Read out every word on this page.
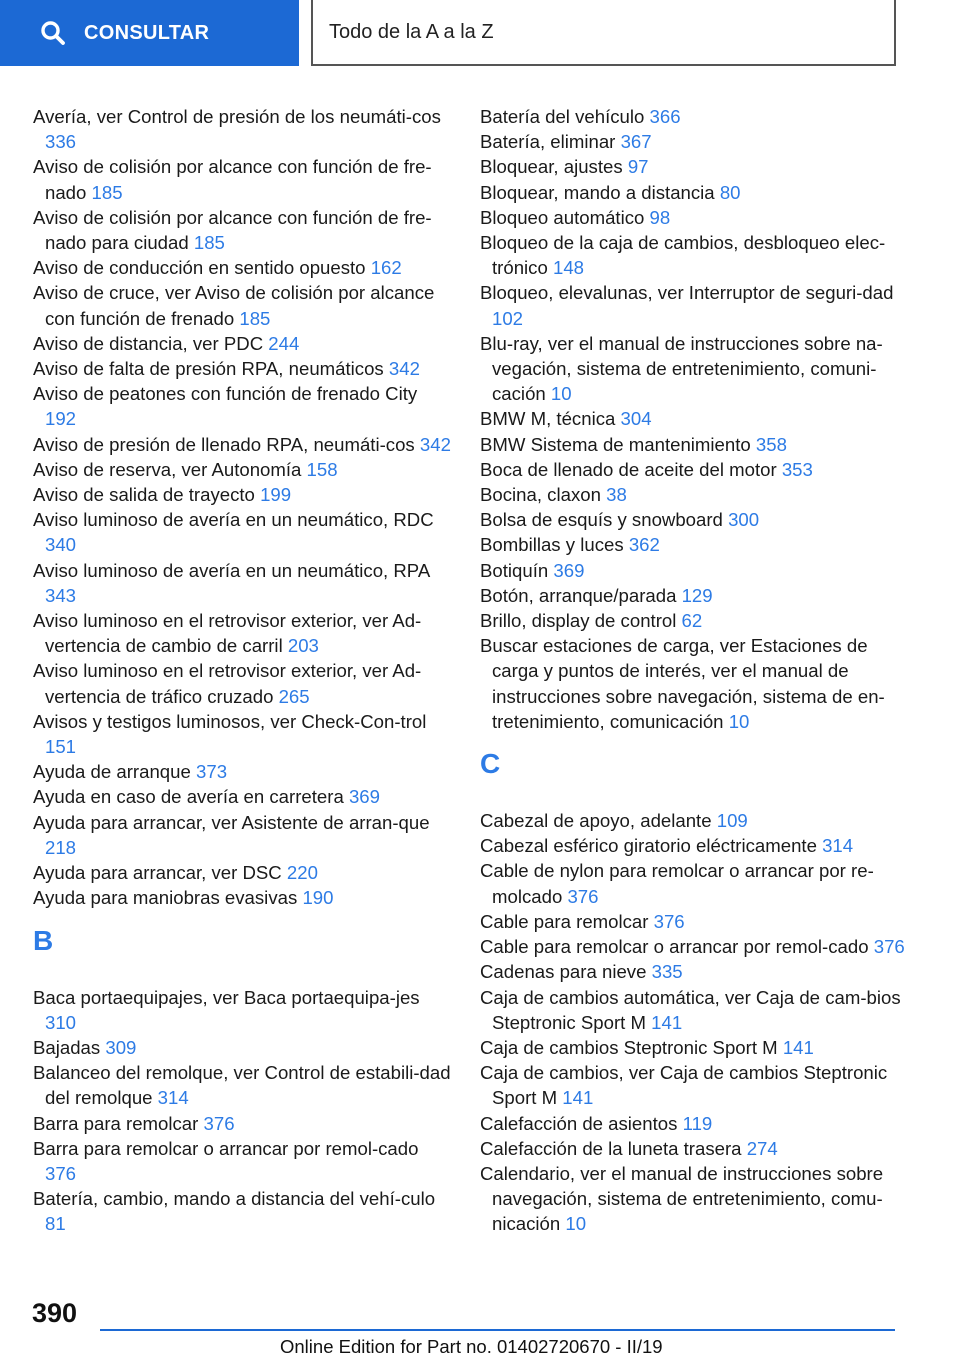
CONSULTAR	Todo de la A a la Z
Avería, ver Control de presión de los neumáti‐cos 336
Aviso de colisión por alcance con función de fre‐nado 185
Aviso de colisión por alcance con función de fre‐nado para ciudad 185
Aviso de conducción en sentido opuesto 162
Aviso de cruce, ver Aviso de colisión por alcance con función de frenado 185
Aviso de distancia, ver PDC 244
Aviso de falta de presión RPA, neumáticos 342
Aviso de peatones con función de frenado City 192
Aviso de presión de llenado RPA, neumáti‐cos 342
Aviso de reserva, ver Autonomía 158
Aviso de salida de trayecto 199
Aviso luminoso de avería en un neumático, RDC 340
Aviso luminoso de avería en un neumático, RPA 343
Aviso luminoso en el retrovisor exterior, ver Ad‐vertencia de cambio de carril 203
Aviso luminoso en el retrovisor exterior, ver Ad‐vertencia de tráfico cruzado 265
Avisos y testigos luminosos, ver Check-Con‐trol 151
Ayuda de arranque 373
Ayuda en caso de avería en carretera 369
Ayuda para arrancar, ver Asistente de arran‐que 218
Ayuda para arrancar, ver DSC 220
Ayuda para maniobras evasivas 190
B
Baca portaequipajes, ver Baca portaequipa‐jes 310
Bajadas 309
Balanceo del remolque, ver Control de estabili‐dad del remolque 314
Barra para remolcar 376
Barra para remolcar o arrancar por remol‐cado 376
Batería, cambio, mando a distancia del vehí‐culo 81
Batería del vehículo 366
Batería, eliminar 367
Bloquear, ajustes 97
Bloquear, mando a distancia 80
Bloqueo automático 98
Bloqueo de la caja de cambios, desbloqueo elec‐trónico 148
Bloqueo, elevalunas, ver Interruptor de seguri‐dad 102
Blu-ray, ver el manual de instrucciones sobre na‐vegación, sistema de entretenimiento, comuni‐cación 10
BMW M, técnica 304
BMW Sistema de mantenimiento 358
Boca de llenado de aceite del motor 353
Bocina, claxon 38
Bolsa de esquís y snowboard 300
Bombillas y luces 362
Botiquín 369
Botón, arranque/parada 129
Brillo, display de control 62
Buscar estaciones de carga, ver Estaciones de carga y puntos de interés, ver el manual de instrucciones sobre navegación, sistema de en‐tretenimiento, comunicación 10
C
Cabezal de apoyo, adelante 109
Cabezal esférico giratorio eléctricamente 314
Cable de nylon para remolcar o arrancar por re‐molcado 376
Cable para remolcar 376
Cable para remolcar o arrancar por remol‐cado 376
Cadenas para nieve 335
Caja de cambios automática, ver Caja de cam‐bios Steptronic Sport M 141
Caja de cambios Steptronic Sport M 141
Caja de cambios, ver Caja de cambios Steptronic Sport M 141
Calefacción de asientos 119
Calefacción de la luneta trasera 274
Calendario, ver el manual de instrucciones sobre navegación, sistema de entretenimiento, comu‐nicación 10
390
Online Edition for Part no. 01402720670 - II/19
